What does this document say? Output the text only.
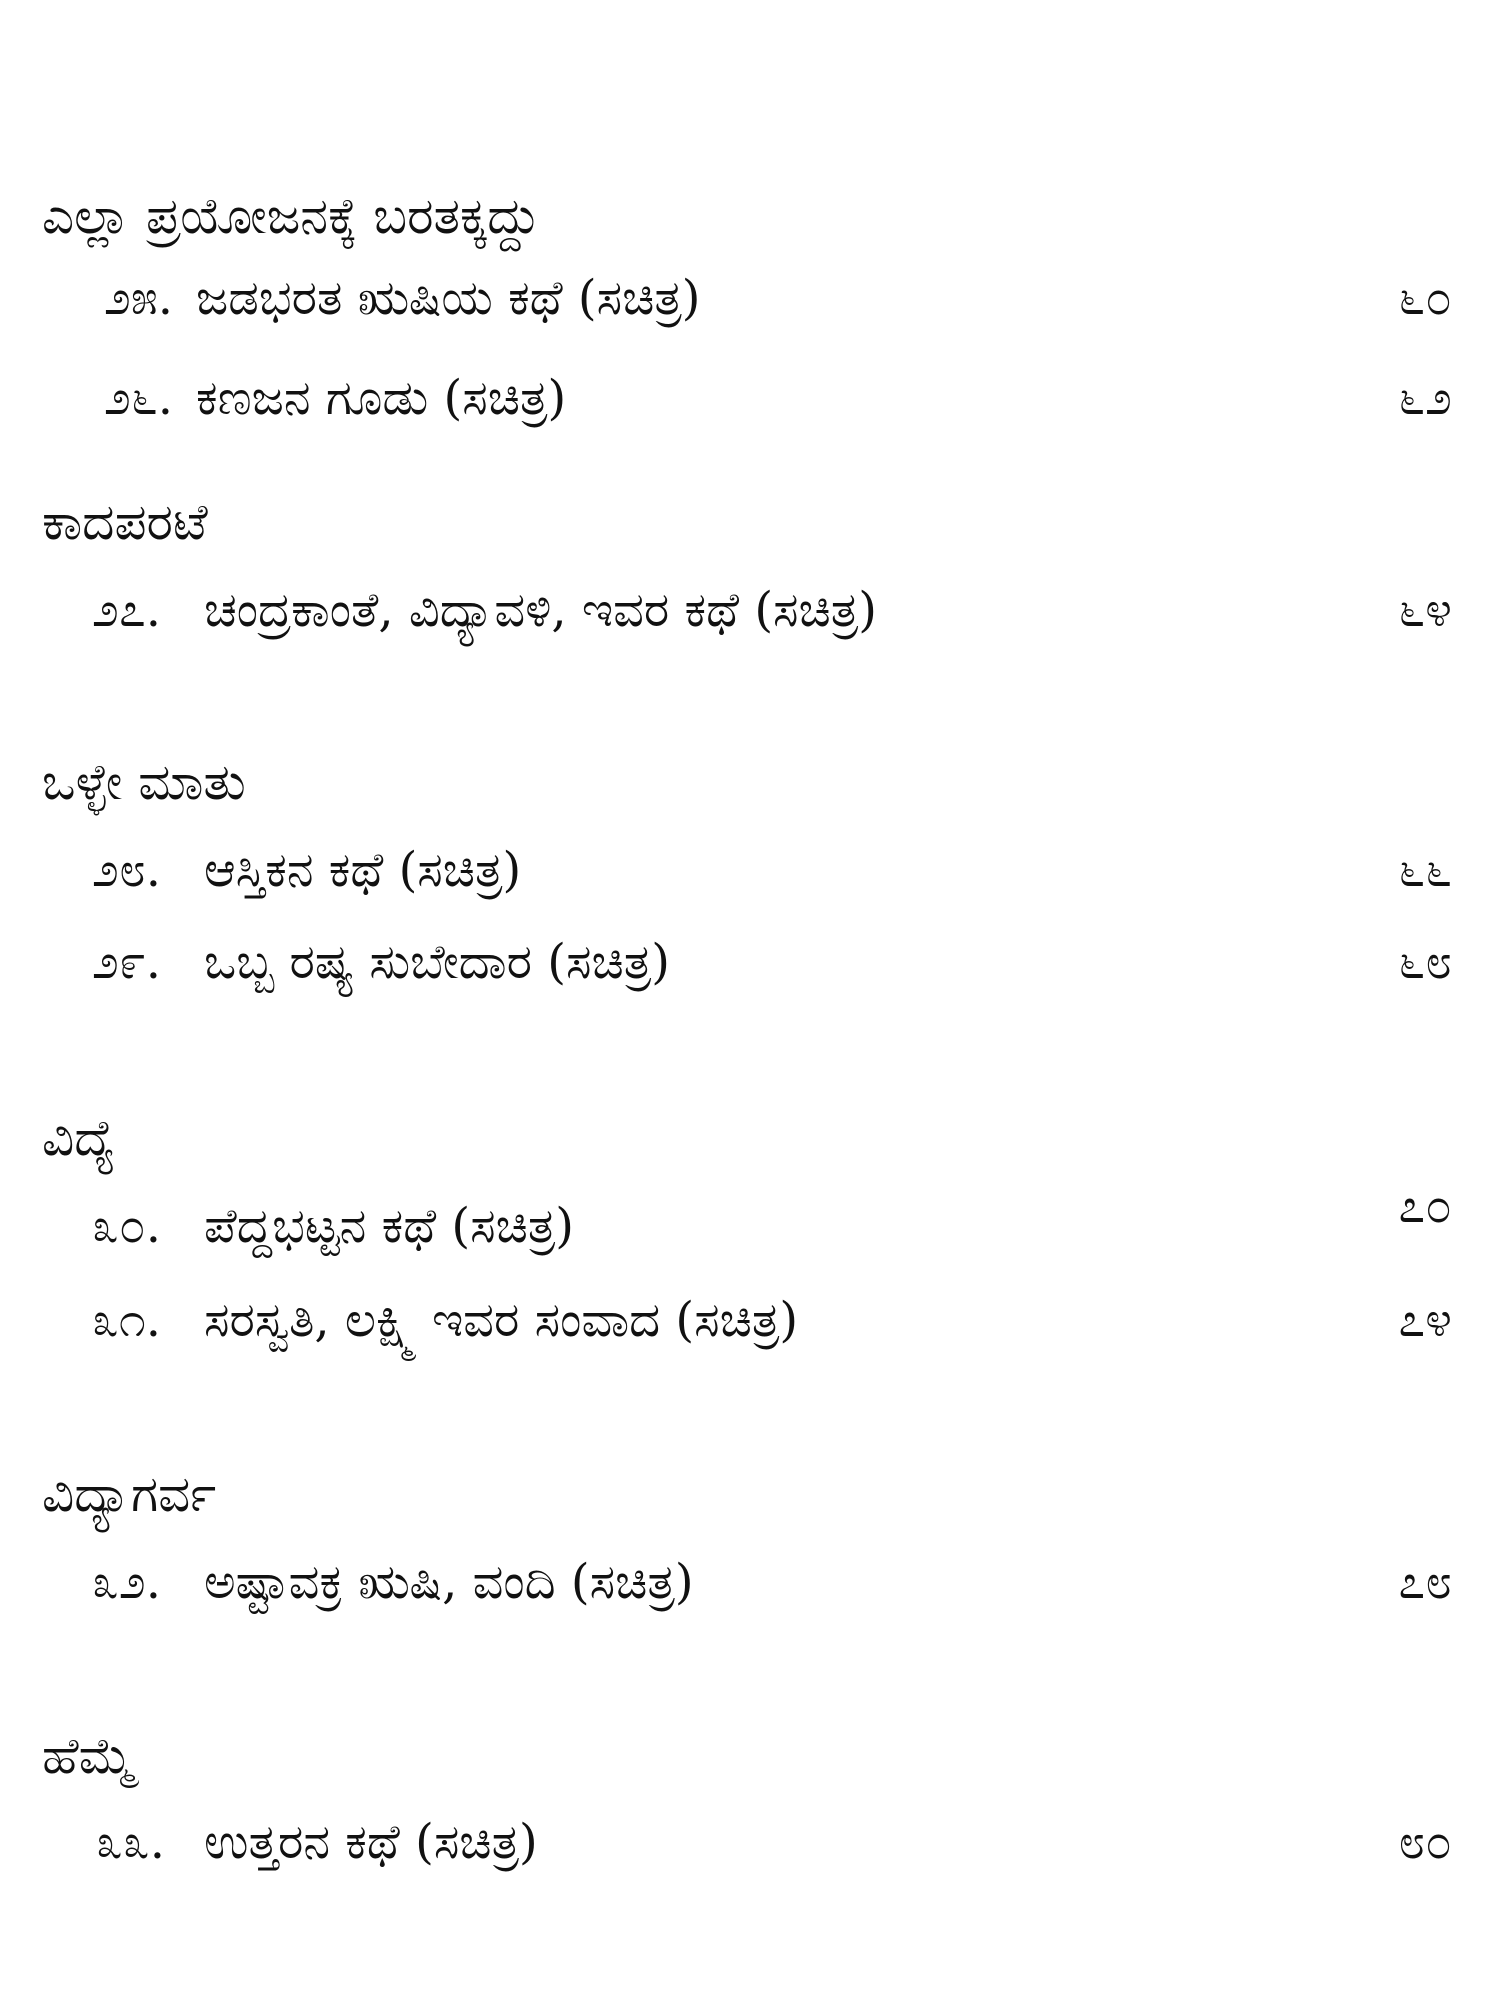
ಎಲ್ಲಾ ಪ್ರಯೋಜನಕ್ಕೆ ಬರತಕ್ಕದ್ದು
೨೫. ಜಡಭರತ ಋಷಿಯ ಕಥೆ (ಸಚಿತ್ರ)	೬೦
೨೬. ಕಣಜನ ಗೂಡು (ಸಚಿತ್ರ)	೬೨
ಕಾದಪರಟೆ
೨೭. ಚಂದ್ರಕಾಂತೆ, ವಿದ್ಯಾವಳಿ, ಇವರ ಕಥೆ (ಸಚಿತ್ರ)	೬೪
ಒಳ್ಳೇ ಮಾತು
೨೮. ಆಸ್ತಿಕನ ಕಥೆ (ಸಚಿತ್ರ)	೬೬
೨೯. ಒಬ್ಬ ರಷ್ಯ ಸುಬೇದಾರ (ಸಚಿತ್ರ)	೬೮
ವಿದ್ಯೆ
೩೦. ಪೆದ್ದಭಟ್ಟನ ಕಥೆ (ಸಚಿತ್ರ)	೭೦
೩೧. ಸರಸ್ವತಿ, ಲಕ್ಷ್ಮಿ ಇವರ ಸಂವಾದ (ಸಚಿತ್ರ)	೭೪
ವಿದ್ಯಾಗರ್ವ
೩೨. ಅಷ್ಟಾವಕ್ರ ಋಷಿ, ವಂದಿ (ಸಚಿತ್ರ)	೭೮
ಹೆಮ್ಮೆ
೩೩. ಉತ್ತರನ ಕಥೆ (ಸಚಿತ್ರ)	೮೦
